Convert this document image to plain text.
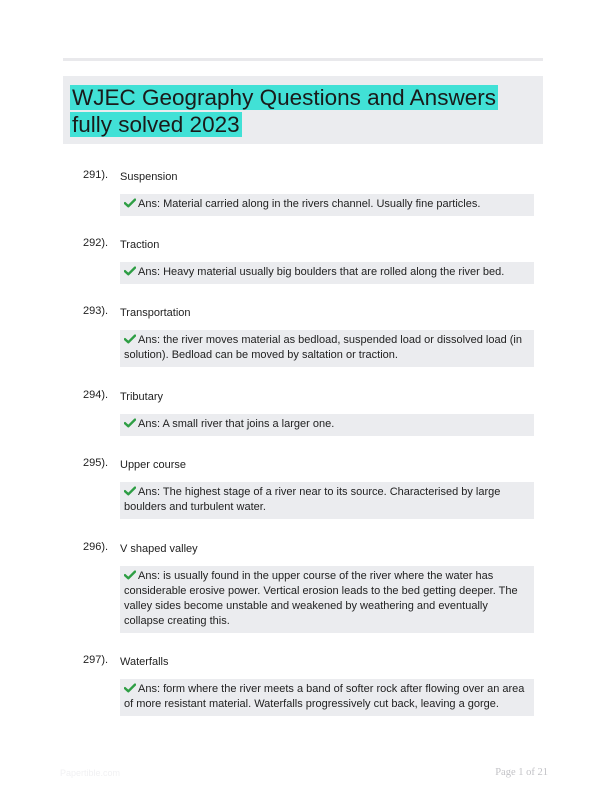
WJEC Geography Questions and Answers fully solved 2023
291). Suspension
Ans: Material carried along in the rivers channel. Usually fine particles.
292). Traction
Ans: Heavy material usually big boulders that are rolled along the river bed.
293). Transportation
Ans: the river moves material as bedload, suspended load or dissolved load (in solution). Bedload can be moved by saltation or traction.
294). Tributary
Ans: A small river that joins a larger one.
295). Upper course
Ans: The highest stage of a river near to its source. Characterised by large boulders and turbulent water.
296). V shaped valley
Ans: is usually found in the upper course of the river where the water has considerable erosive power. Vertical erosion leads to the bed getting deeper. The valley sides become unstable and weakened by weathering and eventually collapse creating this.
297). Waterfalls
Ans: form where the river meets a band of softer rock after flowing over an area of more resistant material. Waterfalls progressively cut back, leaving a gorge.
Papertible.com	Page 1 of 21
